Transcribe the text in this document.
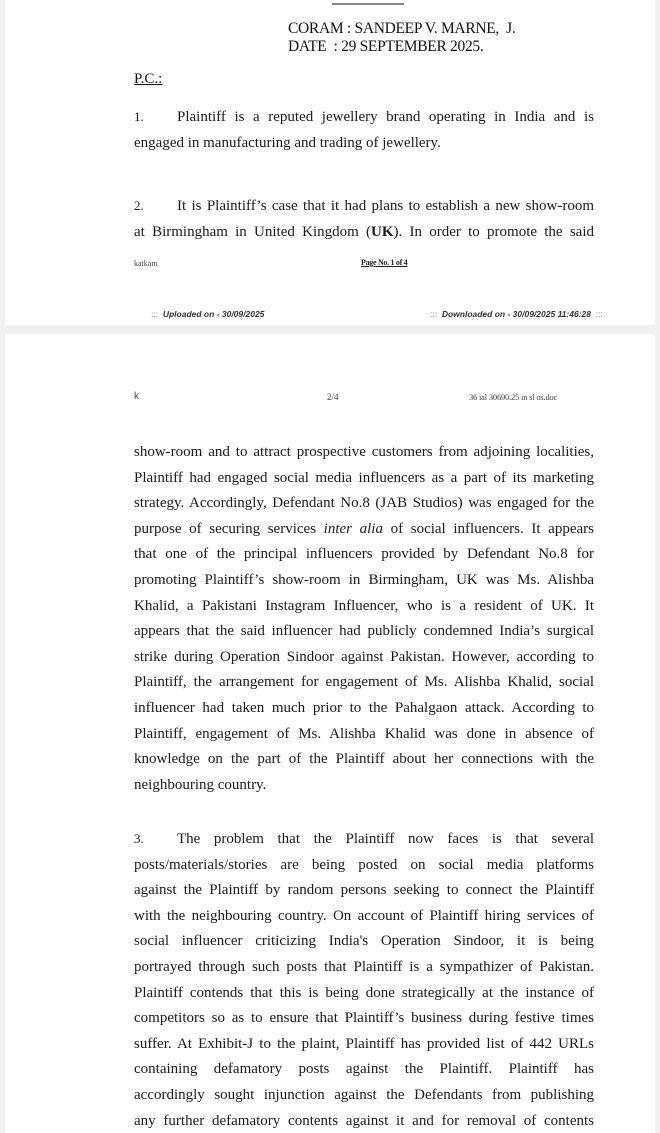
CORAM : SANDEEP V. MARNE,  J.
DATE : 29 SEPTEMBER 2025.
P.C.:
1. Plaintiff is a reputed jewellery brand operating in India and is
engaged in manufacturing and trading of jewellery.
2. It is Plaintiff’s case that it had plans to establish a new show-room
at Birmingham in United Kingdom (UK). In order to promote the said
katkam	Page No. 1 of 4
::: Uploaded on - 30/09/2025	::: Downloaded on - 30/09/2025 11:46:28 :::
k	2/4	36 ial 30690.25 in sl os.doc
show-room and to attract prospective customers from adjoining localities,
Plaintiff had engaged social media influencers as a part of its marketing
strategy. Accordingly, Defendant No.8 (JAB Studios) was engaged for the
purpose of securing services inter alia of social influencers. It appears
that one of the principal influencers provided by Defendant No.8 for
promoting Plaintiff’s show-room in Birmingham, UK was Ms. Alishba
Khalid, a Pakistani Instagram Influencer, who is a resident of UK. It
appears that the said influencer had publicly condemned India’s surgical
strike during Operation Sindoor against Pakistan. However, according to
Plaintiff, the arrangement for engagement of Ms. Alishba Khalid, social
influencer had taken much prior to the Pahalgaon attack. According to
Plaintiff, engagement of Ms. Alishba Khalid was done in absence of
knowledge on the part of the Plaintiff about her connections with the
neighbouring country.
3. The problem that the Plaintiff now faces is that several
posts/materials/stories are being posted on social media platforms
against the Plaintiff by random persons seeking to connect the Plaintiff
with the neighbouring country. On account of Plaintiff hiring services of
social influencer criticizing India's Operation Sindoor, it is being
portrayed through such posts that Plaintiff is a sympathizer of Pakistan.
Plaintiff contends that this is being done strategically at the instance of
competitors so as to ensure that Plaintiff’s business during festive times
suffer. At Exhibit-J to the plaint, Plaintiff has provided list of 442 URLs
containing defamatory posts against the Plaintiff. Plaintiff has
accordingly sought injunction against the Defendants from publishing
any further defamatory contents against it and for removal of contents
